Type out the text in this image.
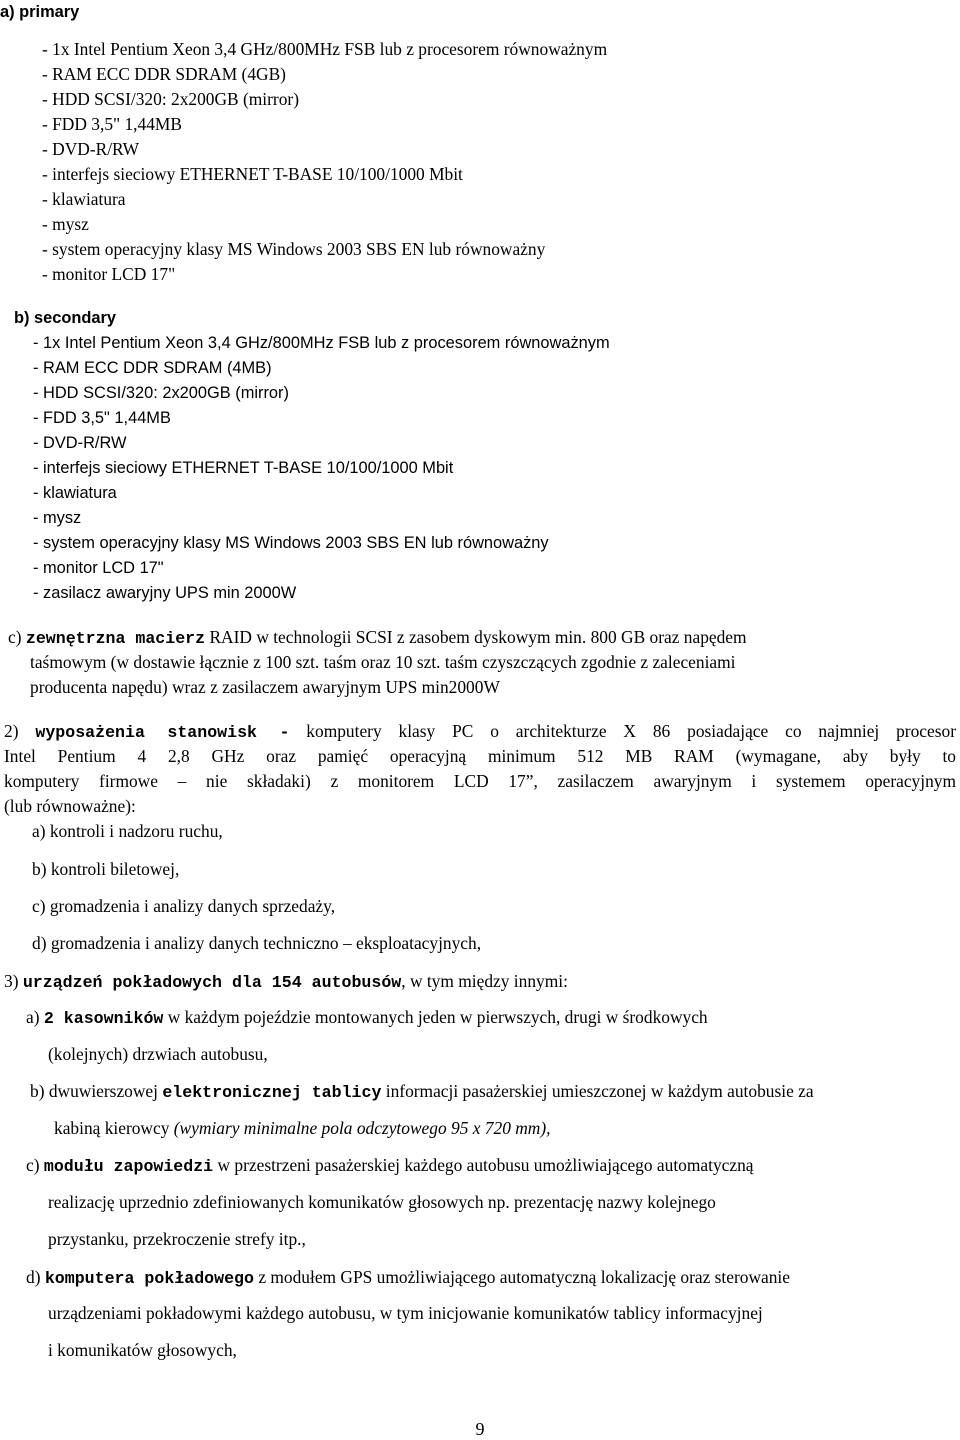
a) primary
- 1x Intel Pentium Xeon 3,4 GHz/800MHz FSB lub z procesorem równoważnym
- RAM ECC DDR SDRAM (4GB)
- HDD SCSI/320: 2x200GB (mirror)
- FDD 3,5" 1,44MB
- DVD-R/RW
- interfejs sieciowy ETHERNET T-BASE 10/100/1000 Mbit
- klawiatura
- mysz
- system operacyjny klasy MS Windows 2003 SBS EN lub równoważny
- monitor LCD 17"
b) secondary
- 1x Intel Pentium Xeon 3,4 GHz/800MHz FSB lub z procesorem równoważnym
- RAM ECC DDR SDRAM (4MB)
- HDD SCSI/320: 2x200GB (mirror)
- FDD 3,5" 1,44MB
- DVD-R/RW
- interfejs sieciowy ETHERNET T-BASE 10/100/1000 Mbit
- klawiatura
- mysz
- system operacyjny klasy MS Windows 2003 SBS EN lub równoważny
- monitor LCD 17"
- zasilacz awaryjny UPS min 2000W
c) zewnętrzna macierz RAID w technologii SCSI z zasobem dyskowym min. 800 GB oraz napędem
taśmowym (w dostawie łącznie z 100 szt. taśm oraz 10 szt. taśm czyszczących zgodnie z zaleceniami
producenta napędu) wraz z zasilaczem awaryjnym UPS min2000W
2) wyposażenia stanowisk - komputery klasy PC o architekturze X 86 posiadające co najmniej procesor
Intel Pentium 4 2,8 GHz oraz pamięć operacyjną minimum 512 MB RAM (wymagane, aby były to
komputery firmowe – nie składaki) z monitorem LCD 17”, zasilaczem awaryjnym i systemem operacyjnym
(lub równoważne):
a) kontroli i nadzoru ruchu,
b) kontroli biletowej,
c) gromadzenia i analizy danych sprzedaży,
d) gromadzenia i analizy danych techniczno – eksploatacyjnych,
3) urządzeń pokładowych dla 154 autobusów, w tym między innymi:
a) 2 kasowników w każdym pojeździe montowanych jeden w pierwszych, drugi w środkowych
(kolejnych) drzwiach autobusu,
b) dwuwierszowej elektronicznej tablicy informacji pasażerskiej umieszczonej w każdym autobusie za
kabiną kierowcy (wymiary minimalne pola odczytowego 95 x 720 mm),
c) modułu zapowiedzi w przestrzeni pasażerskiej każdego autobusu umożliwiającego automatyczną
realizację uprzednio zdefiniowanych komunikatów głosowych np. prezentację nazwy kolejnego
przystanku, przekroczenie strefy itp.,
d) komputera pokładowego z modułem GPS umożliwiającego automatyczną lokalizację oraz sterowanie
urządzeniami pokładowymi każdego autobusu, w tym inicjowanie komunikatów tablicy informacyjnej
i komunikatów głosowych,
9
